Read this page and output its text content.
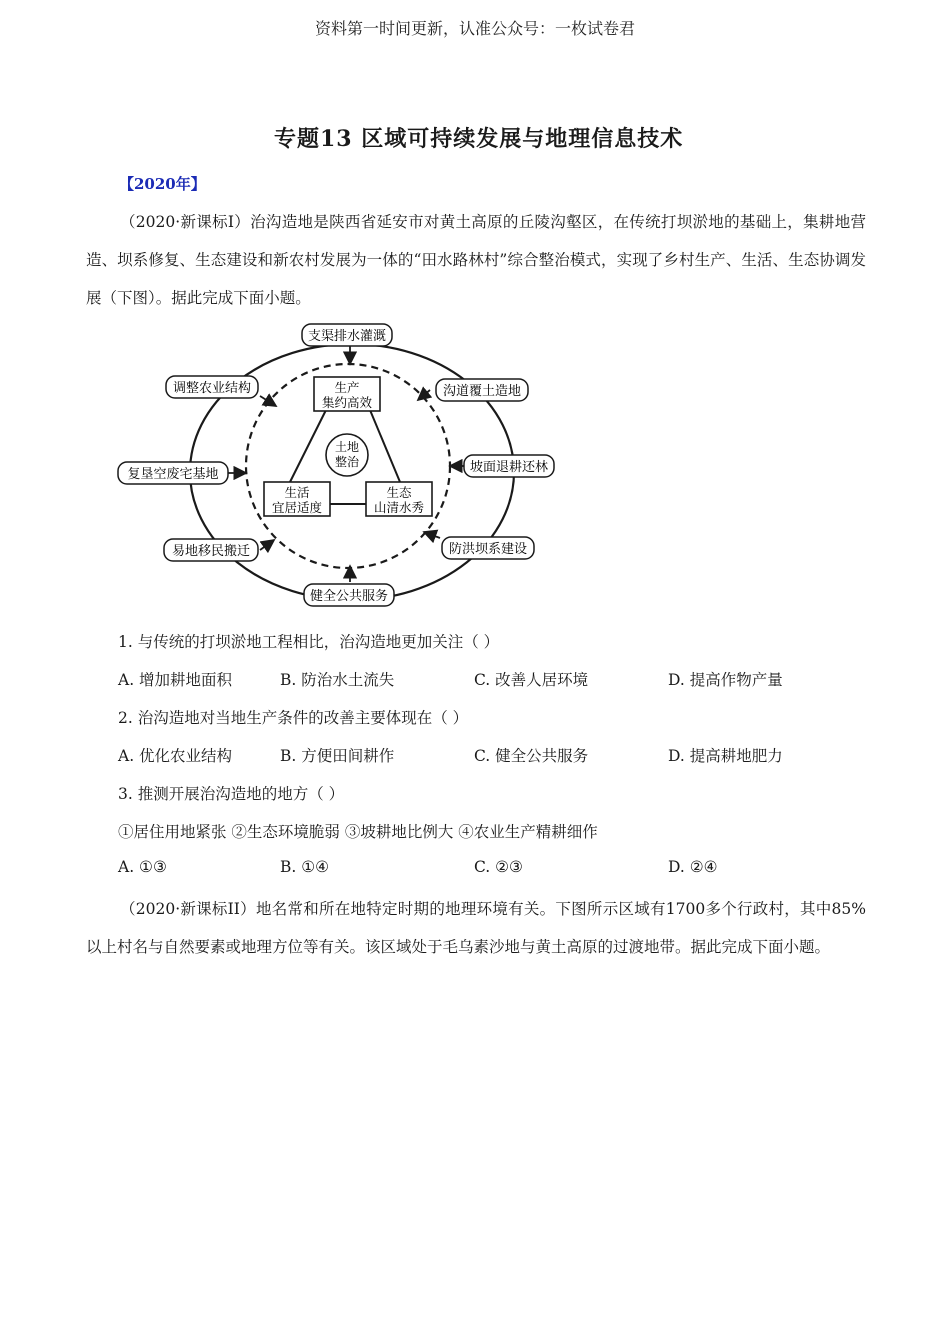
资料第一时间更新，认准公众号：一枚试卷君
专题13 区域可持续发展与地理信息技术
【2020年】
（2020·新课标I）治沟造地是陕西省延安市对黄土高原的丘陵沟壑区，在传统打坝淤地的基础上，集耕地营造、坝系修复、生态建设和新农村发展为一体的“田水路林村”综合整治模式，实现了乡村生产、生活、生态协调发展（下图）。据此完成下面小题。
支渠排水灌溉
沟道覆土造地
坡面退耕还林
防洪坝系建设
健全公共服务
易地移民搬迁
复垦空废宅基地
调整农业结构
土地
整治
生产
集约高效
生活
宜居适度
生态
山清水秀
1. 与传统的打坝淤地工程相比，治沟造地更加关注（ ）
A. 增加耕地面积	B. 防治水土流失	C. 改善人居环境	D. 提高作物产量
2. 治沟造地对当地生产条件的改善主要体现在（ ）
A. 优化农业结构	B. 方便田间耕作	C. 健全公共服务	D. 提高耕地肥力
3. 推测开展治沟造地的地方（ ）
①居住用地紧张 ②生态环境脆弱 ③坡耕地比例大 ④农业生产精耕细作
A. ①③	B. ①④	C. ②③	D. ②④
（2020·新课标II）地名常和所在地特定时期的地理环境有关。下图所示区域有1700多个行政村，其中85%以上村名与自然要素或地理方位等有关。该区域处于毛乌素沙地与黄土高原的过渡地带。据此完成下面小题。
